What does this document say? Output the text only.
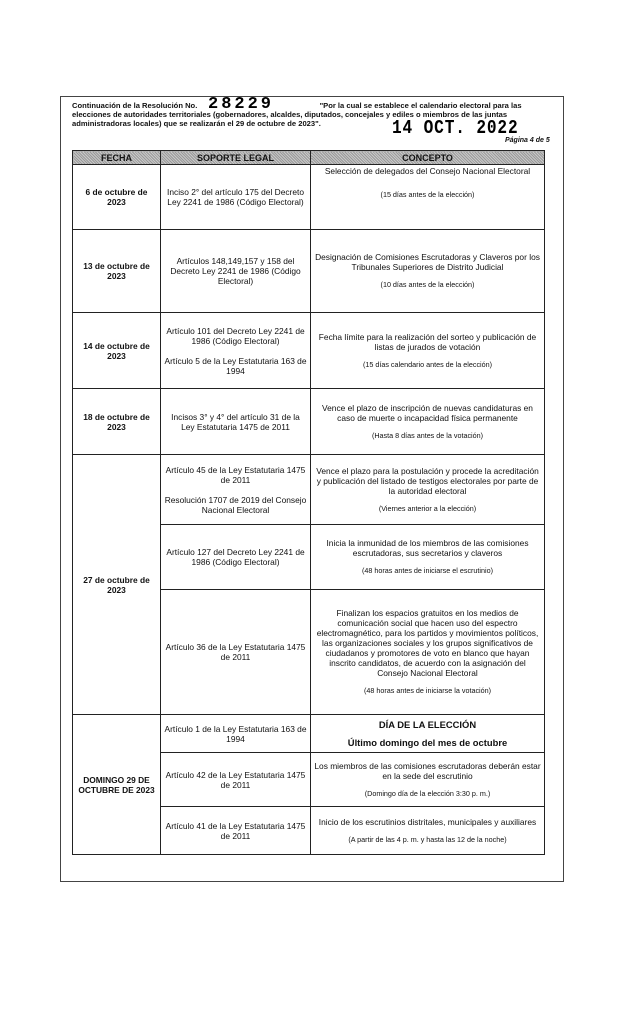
Continuación de la Resolución No.	"Por la cual se establece el calendario electoral para las
elecciones de autoridades territoriales (gobernadores, alcaldes, diputados, concejales y ediles o miembros de las juntas
administradoras locales) que se realizarán el 29 de octubre de 2023".
28229
14 OCT. 2022
Página 4 de 5
FECHA	SOPORTE LEGAL	CONCEPTO
6 de octubre de 2023	Inciso 2° del artículo 175 del Decreto Ley 2241 de 1986 (Código Electoral)	Selección de delegados del Consejo Nacional Electoral
(15 días antes de la elección)

13 de octubre de 2023	Artículos 148,149,157 y 158 del Decreto Ley 2241 de 1986 (Código Electoral)	Designación de Comisiones Escrutadoras y Claveros por los Tribunales Superiores de Distrito Judicial
(10 días antes de la elección)

14 de octubre de 2023	Artículo 101 del Decreto Ley 2241 de 1986 (Código Electoral)
Artículo 5 de la Ley Estatutaria 163 de 1994	Fecha límite para la realización del sorteo y publicación de listas de jurados de votación
(15 días calendario antes de la elección)

18 de octubre de 2023	Incisos 3° y 4° del artículo 31 de la Ley Estatutaria 1475 de 2011	Vence el plazo de inscripción de nuevas candidaturas en caso de muerte o incapacidad física permanente
(Hasta 8 días antes de la votación)

27 de octubre de 2023	Artículo 45 de la Ley Estatutaria 1475 de 2011
Resolución 1707 de 2019 del Consejo Nacional Electoral	Vence el plazo para la postulación y procede la acreditación y publicación del listado de testigos electorales por parte de la autoridad electoral
(Viernes anterior a la elección)

	Artículo 127 del Decreto Ley 2241 de 1986 (Código Electoral)	Inicia la inmunidad de los miembros de las comisiones escrutadoras, sus secretarios y claveros
(48 horas antes de iniciarse el escrutinio)

	Artículo 36 de la Ley Estatutaria 1475 de 2011	Finalizan los espacios gratuitos en los medios de comunicación social que hacen uso del espectro electromagnético, para los partidos y movimientos políticos, las organizaciones sociales y los grupos significativos de ciudadanos y promotores de voto en blanco que hayan inscrito candidatos, de acuerdo con la asignación del Consejo Nacional Electoral
(48 horas antes de iniciarse la votación)

DOMINGO 29 DE OCTUBRE DE 2023	Artículo 1 de la Ley Estatutaria 163 de 1994	DÍA DE LA ELECCIÓN
Último domingo del mes de octubre

	Artículo 42 de la Ley Estatutaria 1475 de 2011	Los miembros de las comisiones escrutadoras deberán estar en la sede del escrutinio
(Domingo día de la elección 3:30 p. m.)

	Artículo 41 de la Ley Estatutaria 1475 de 2011	Inicio de los escrutinios distritales, municipales y auxiliares
(A partir de las 4 p. m. y hasta las 12 de la noche)
